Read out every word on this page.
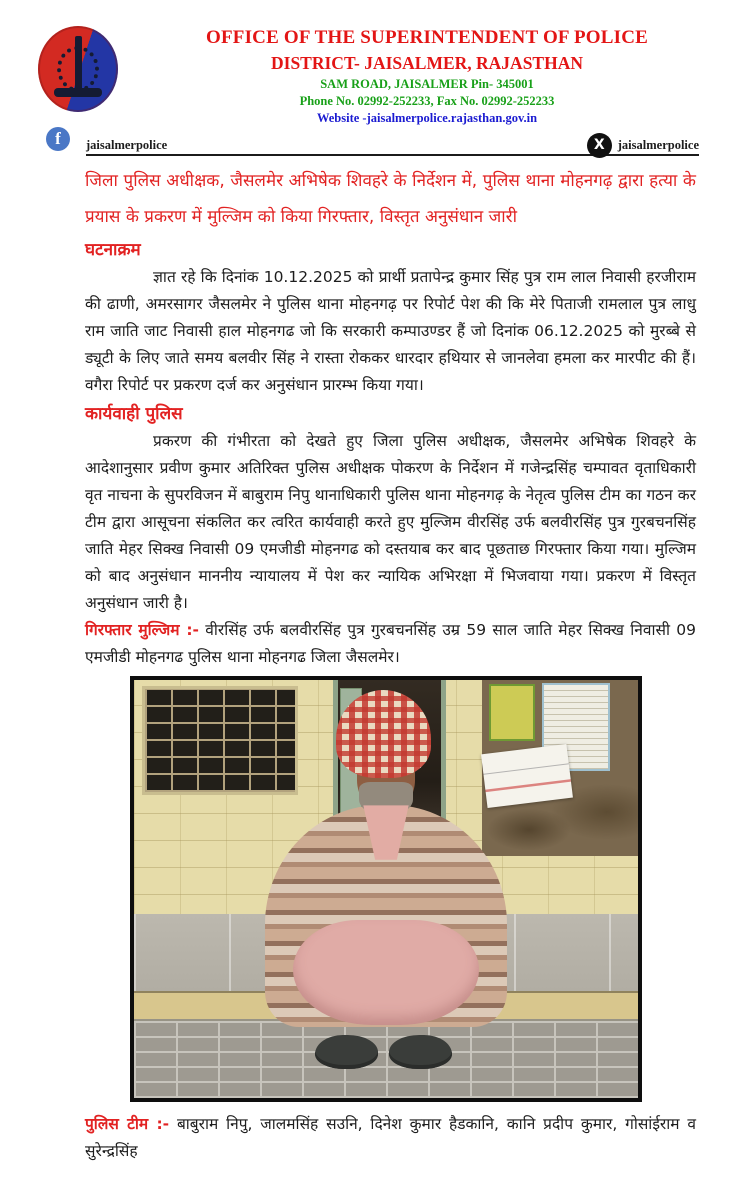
OFFICE OF THE SUPERINTENDENT OF POLICE
DISTRICT- JAISALMER, RAJASTHAN
SAM ROAD, JAISALMER Pin- 345001
Phone No. 02992-252233, Fax No. 02992-252233
Website -jaisalmerpolice.rajasthan.gov.in
f
jaisalmerpolice X	jaisalmerpolice

जिला पुलिस अधीक्षक, जैसलमेर अभिषेक शिवहरे के निर्देशन में, पुलिस थाना मोहनगढ़ द्वारा हत्या के प्रयास के प्रकरण में मुल्जिम को किया गिरफ्तार, विस्तृत अनुसंधान जारी

घटनाक्रम

ज्ञात रहे कि दिनांक 10.12.2025 को प्रार्थी प्रतापेन्द्र कुमार सिंह पुत्र राम लाल निवासी हरजीराम की ढाणी, अमरसागर जैसलमेर ने पुलिस थाना मोहनगढ़ पर रिपोर्ट पेश की कि मेरे पिताजी रामलाल पुत्र लाधु राम जाति जाट निवासी हाल मोहनगढ जो कि सरकारी कम्पाउण्डर हैं जो दिनांक 06.12.2025 को मुरब्बे से ड्यूटी के लिए जाते समय बलवीर सिंह ने रास्ता रोककर धारदार हथियार से जानलेवा हमला कर मारपीट की हैं। वगैरा रिपोर्ट पर प्रकरण दर्ज कर अनुसंधान प्रारम्भ किया गया।

कार्यवाही पुलिस

प्रकरण की गंभीरता को देखते हुए जिला पुलिस अधीक्षक, जैसलमेर अभिषेक शिवहरे के आदेशानुसार प्रवीण कुमार अतिरिक्त पुलिस अधीक्षक पोकरण के निर्देशन में गजेन्द्रसिंह चम्पावत वृताधिकारी वृत नाचना के सुपरविजन में बाबुराम निपु थानाधिकारी पुलिस थाना मोहनगढ़ के नेतृत्व पुलिस टीम का गठन कर टीम द्वारा आसूचना संकलित कर त्वरित कार्यवाही करते हुए मुल्जिम वीरसिंह उर्फ बलवीरसिंह पुत्र गुरबचनसिंह जाति मेहर सिक्ख निवासी 09 एमजीडी मोहनगढ को दस्तयाब कर बाद पूछताछ गिरफ्तार किया गया। मुल्जिम को बाद अनुसंधान माननीय न्यायालय में पेश कर न्यायिक अभिरक्षा में भिजवाया गया। प्रकरण में विस्तृत अनुसंधान जारी है।

गिरफ्तार मुल्जिम :- वीरसिंह उर्फ बलवीरसिंह पुत्र गुरबचनसिंह उम्र 59 साल जाति मेहर सिक्ख निवासी 09 एमजीडी मोहनगढ पुलिस थाना मोहनगढ जिला जैसलमेर।

पुलिस टीम :- बाबुराम निपु, जालमसिंह सउनि, दिनेश कुमार हैडकानि, कानि प्रदीप कुमार, गोसांईराम व सुरेन्द्रसिंह
